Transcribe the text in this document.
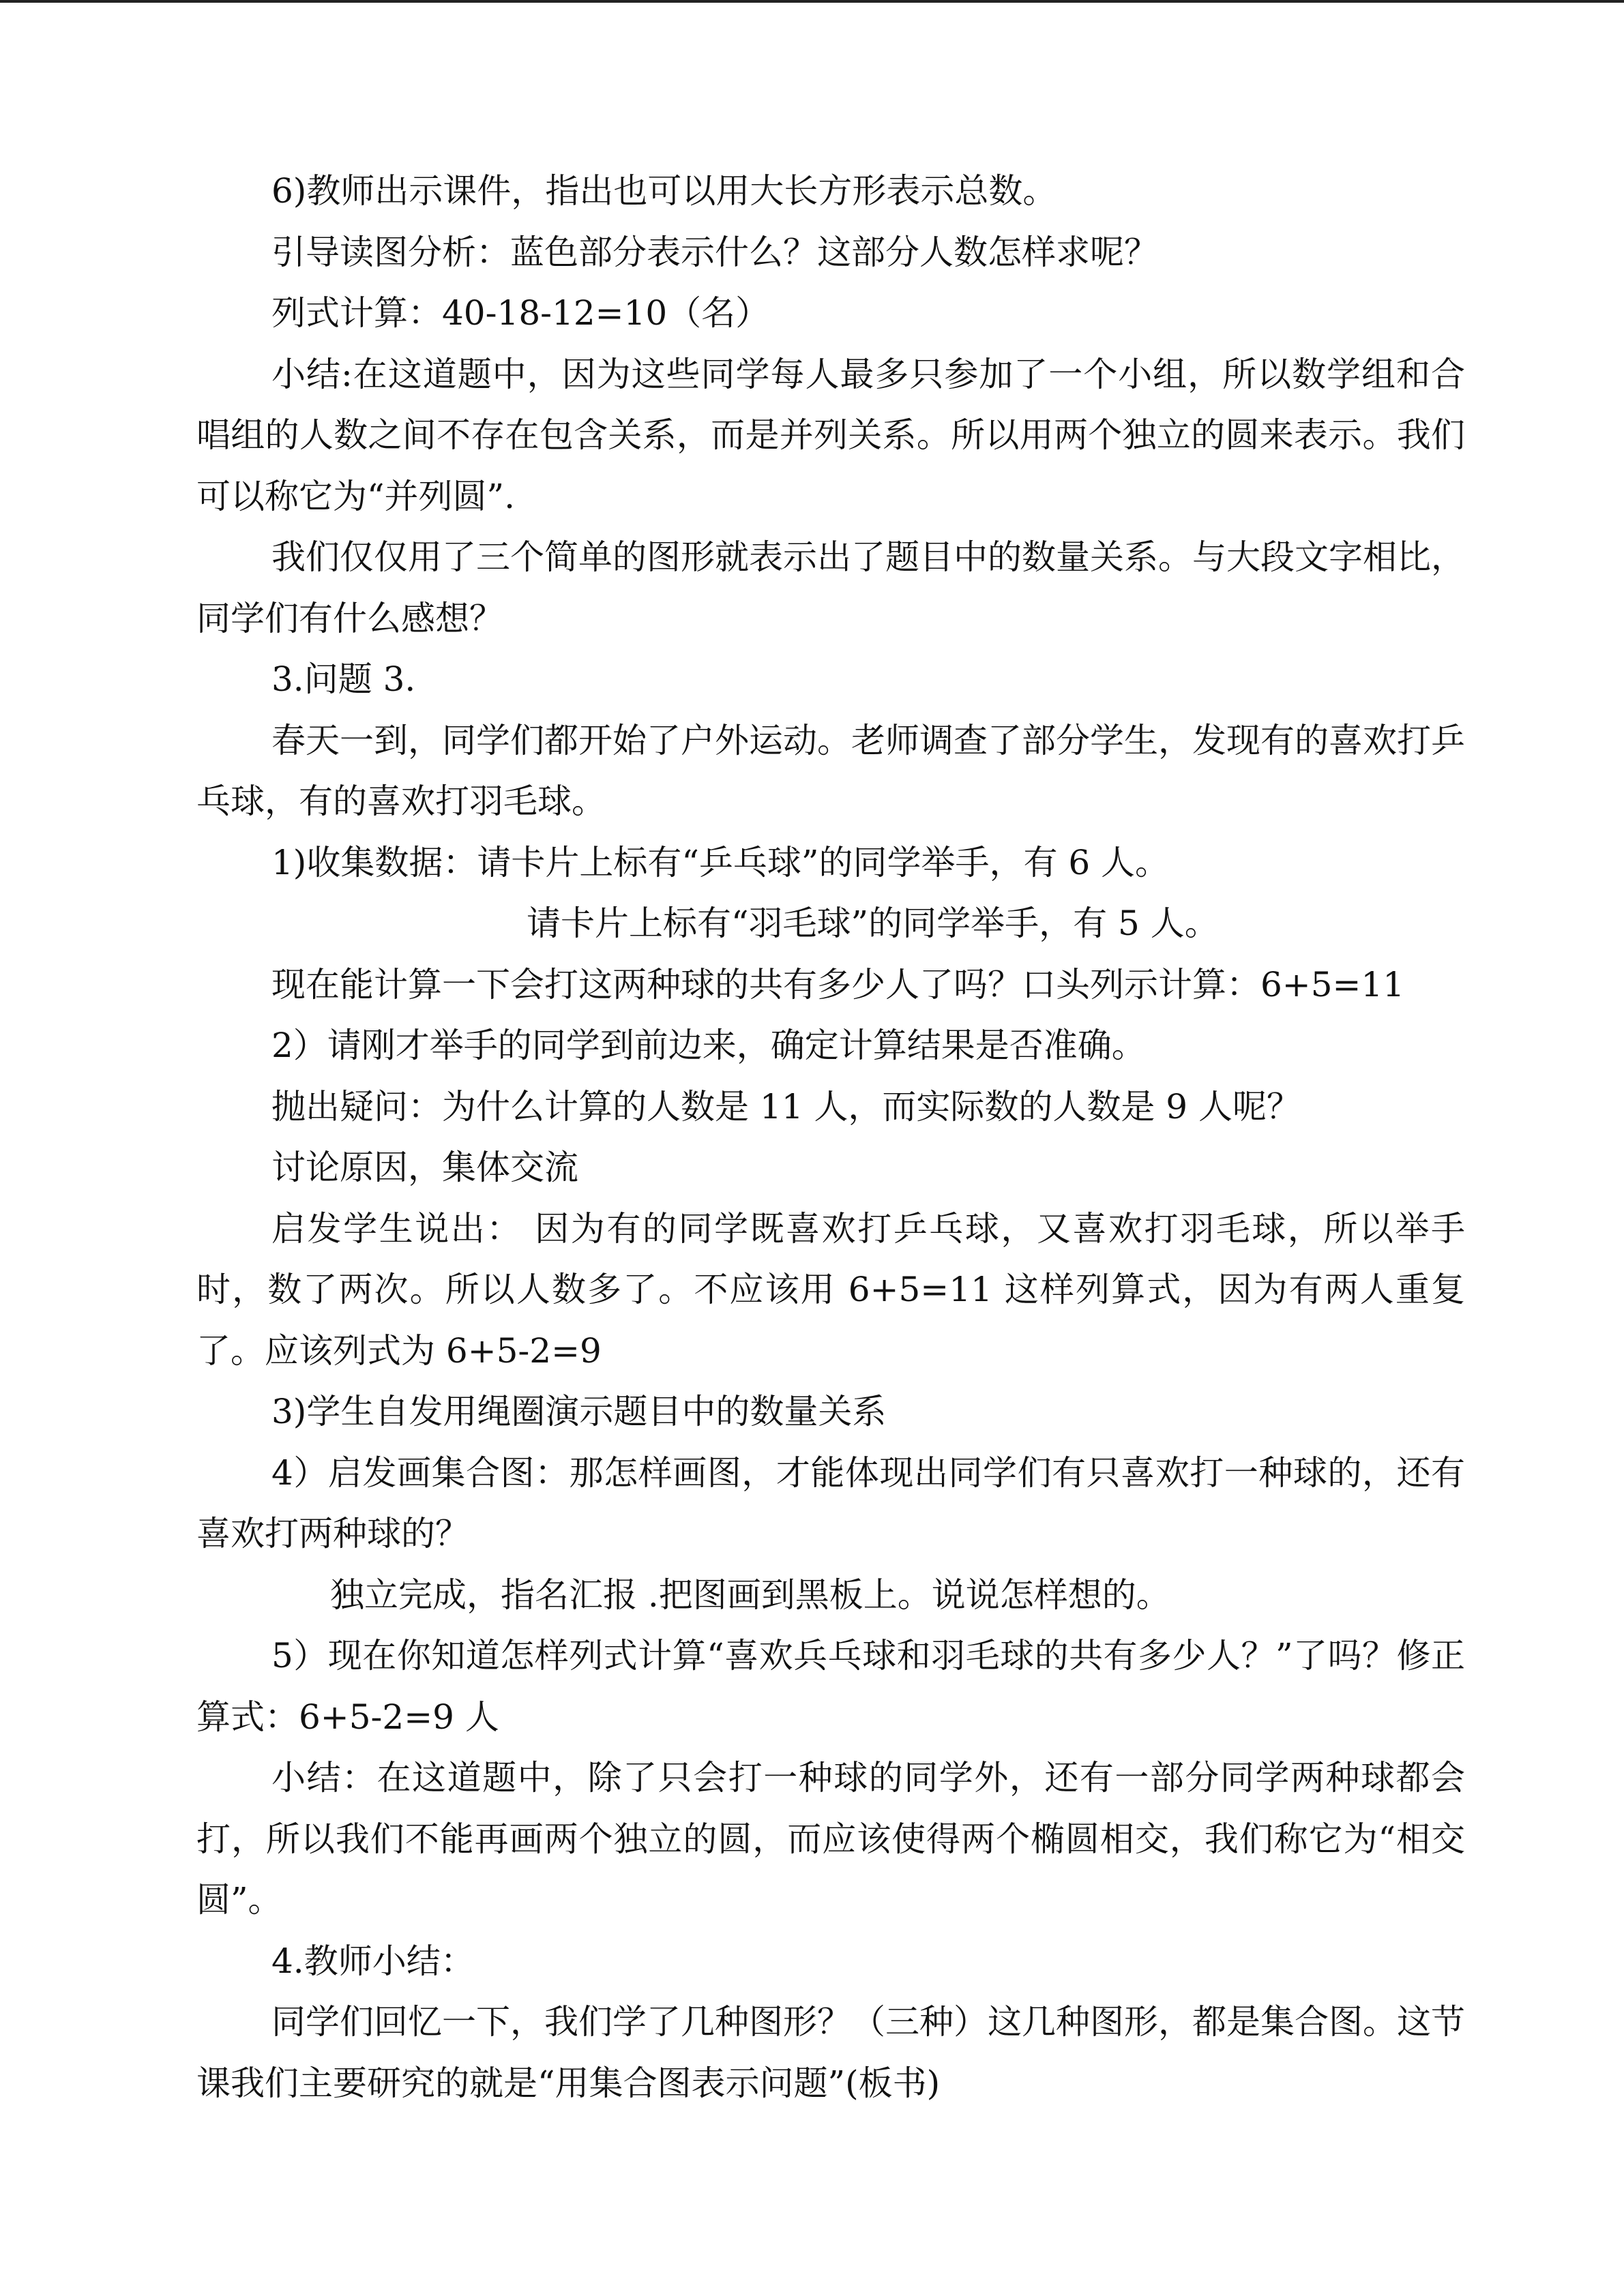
6)教师出示课件，指出也可以用大长方形表示总数。

引导读图分析：蓝色部分表示什么？这部分人数怎样求呢？

列式计算：40-18-12=10（名）

小结:在这道题中，因为这些同学每人最多只参加了一个小组，所以数学组和合唱组的人数之间不存在包含关系，而是并列关系。所以用两个独立的圆来表示。我们可以称它为“并列圆”.

我们仅仅用了三个简单的图形就表示出了题目中的数量关系。与大段文字相比，同学们有什么感想？

3.问题 3.

春天一到，同学们都开始了户外运动。老师调查了部分学生，发现有的喜欢打乒乓球，有的喜欢打羽毛球。

1)收集数据：请卡片上标有“乒乓球”的同学举手，有 6 人。

请卡片上标有“羽毛球”的同学举手，有 5 人。

现在能计算一下会打这两种球的共有多少人了吗？口头列示计算：6+5=11

2）请刚才举手的同学到前边来，确定计算结果是否准确。

抛出疑问：为什么计算的人数是 11 人，而实际数的人数是 9 人呢？

讨论原因，集体交流

启发学生说出： 因为有的同学既喜欢打乒乓球，又喜欢打羽毛球，所以举手时，数了两次。所以人数多了。不应该用 6+5=11 这样列算式，因为有两人重复了。应该列式为 6+5-2=9

3)学生自发用绳圈演示题目中的数量关系

4）启发画集合图：那怎样画图，才能体现出同学们有只喜欢打一种球的，还有喜欢打两种球的？

独立完成，指名汇报 .把图画到黑板上。说说怎样想的。

5）现在你知道怎样列式计算“喜欢兵乓球和羽毛球的共有多少人？”了吗？修正算式：6+5-2=9 人

小结：在这道题中，除了只会打一种球的同学外，还有一部分同学两种球都会打，所以我们不能再画两个独立的圆，而应该使得两个椭圆相交，我们称它为“相交圆”。

4.教师小结：

同学们回忆一下，我们学了几种图形？（三种）这几种图形，都是集合图。这节课我们主要研究的就是“用集合图表示问题”(板书)
